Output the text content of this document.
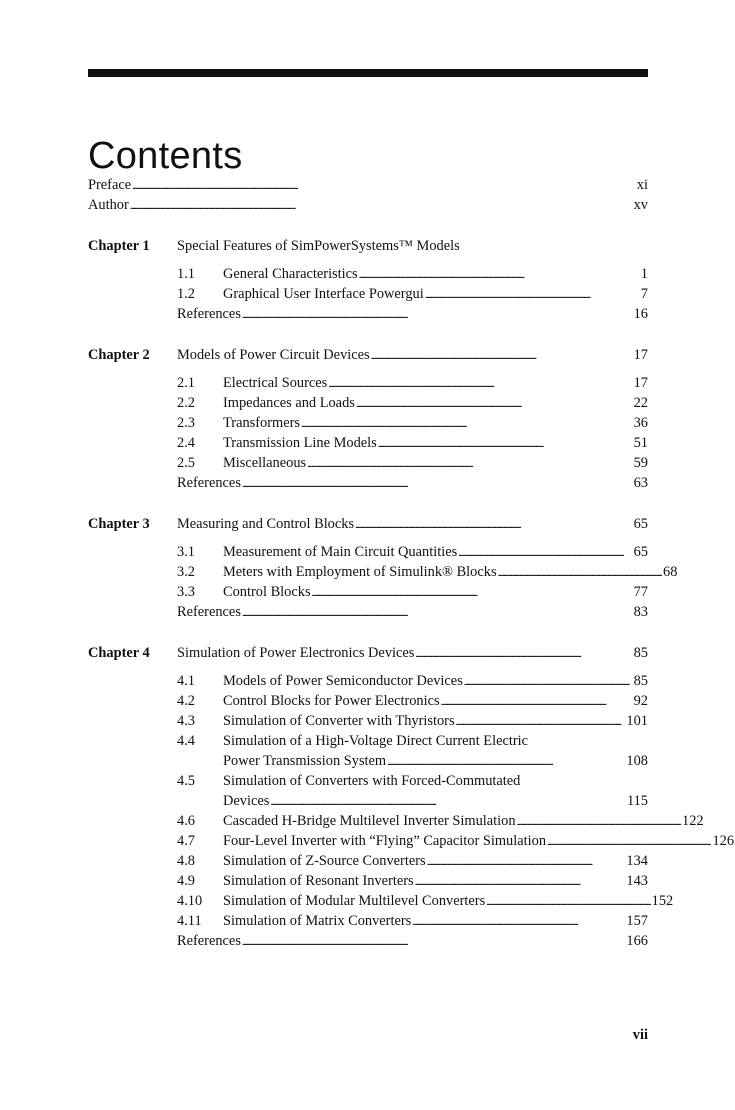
Contents
Preface . . .	xi
Author . . .	xv
Chapter 1	Special Features of SimPowerSystems™ Models
1.1	General Characteristics . . .	1
1.2	Graphical User Interface Powergui . . .	7
References . . .	16
Chapter 2	Models of Power Circuit Devices . . .	17
2.1	Electrical Sources . . .	17
2.2	Impedances and Loads . . .	22
2.3	Transformers . . .	36
2.4	Transmission Line Models . . .	51
2.5	Miscellaneous . . .	59
References . . .	63
Chapter 3	Measuring and Control Blocks . . .	65
3.1	Measurement of Main Circuit Quantities . . .	65
3.2	Meters with Employment of Simulink® Blocks . . .	68
3.3	Control Blocks . . .	77
References . . .	83
Chapter 4	Simulation of Power Electronics Devices . . .	85
4.1	Models of Power Semiconductor Devices . . .	85
4.2	Control Blocks for Power Electronics . . .	92
4.3	Simulation of Converter with Thyristors . . .	101
4.4	Simulation of a High-Voltage Direct Current Electric
Power Transmission System . . .	108
4.5	Simulation of Converters with Forced-Commutated
Devices . . .	115
4.6	Cascaded H-Bridge Multilevel Inverter Simulation . . .	122
4.7	Four-Level Inverter with “Flying” Capacitor Simulation . . .	126
4.8	Simulation of Z-Source Converters . . .	134
4.9	Simulation of Resonant Inverters . . .	143
4.10	Simulation of Modular Multilevel Converters . . .	152
4.11	Simulation of Matrix Converters . . .	157
References . . .	166
vii
